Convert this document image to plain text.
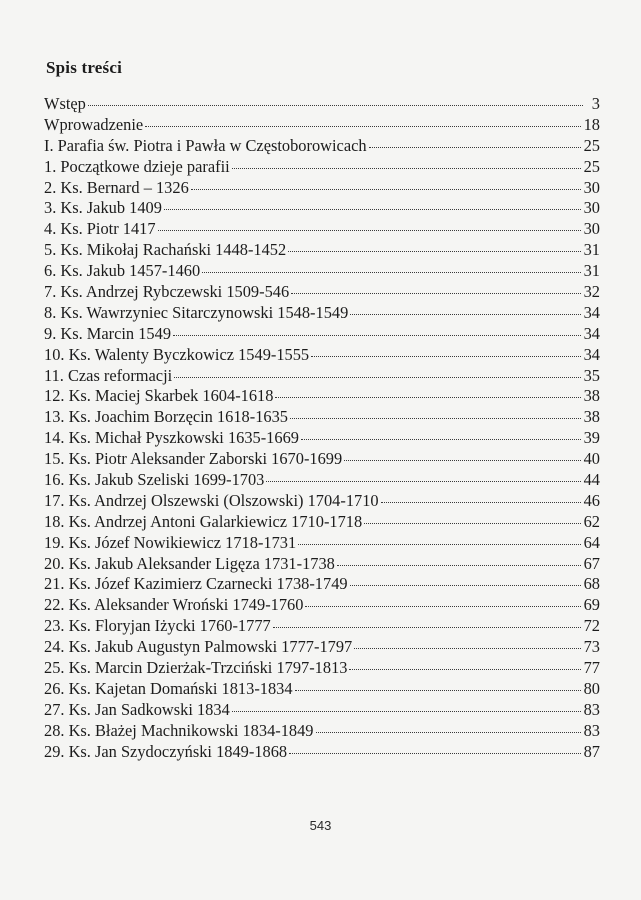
Spis treści
Wstęp	3
Wprowadzenie	18
I. Parafia św. Piotra i Pawła w Częstoborowicach	25
1. Początkowe dzieje parafii	25
2. Ks. Bernard – 1326	30
3. Ks. Jakub 1409	30
4. Ks. Piotr 1417	30
5. Ks. Mikołaj Rachański 1448-1452	31
6. Ks. Jakub 1457-1460	31
7. Ks. Andrzej Rybczewski 1509-546	32
8. Ks. Wawrzyniec Sitarczynowski 1548-1549	34
9. Ks. Marcin 1549	34
10. Ks. Walenty Byczkowicz 1549-1555	34
11. Czas reformacji	35
12. Ks. Maciej Skarbek 1604-1618	38
13. Ks. Joachim Borzęcin 1618-1635	38
14. Ks. Michał Pyszkowski 1635-1669	39
15. Ks. Piotr Aleksander Zaborski 1670-1699	40
16. Ks. Jakub Szeliski 1699-1703	44
17. Ks. Andrzej Olszewski (Olszowski) 1704-1710	46
18. Ks. Andrzej Antoni Galarkiewicz 1710-1718	62
19. Ks. Józef Nowikiewicz 1718-1731	64
20. Ks. Jakub Aleksander Ligęza 1731-1738	67
21. Ks. Józef Kazimierz Czarnecki 1738-1749	68
22. Ks. Aleksander Wroński 1749-1760	69
23. Ks. Floryjan Iżycki 1760-1777	72
24. Ks. Jakub Augustyn Palmowski 1777-1797	73
25. Ks. Marcin Dzierżak-Trzciński 1797-1813	77
26. Ks. Kajetan Domański 1813-1834	80
27. Ks. Jan Sadkowski 1834	83
28. Ks. Błażej Machnikowski 1834-1849	83
29. Ks. Jan Szydoczyński 1849-1868	87
543
